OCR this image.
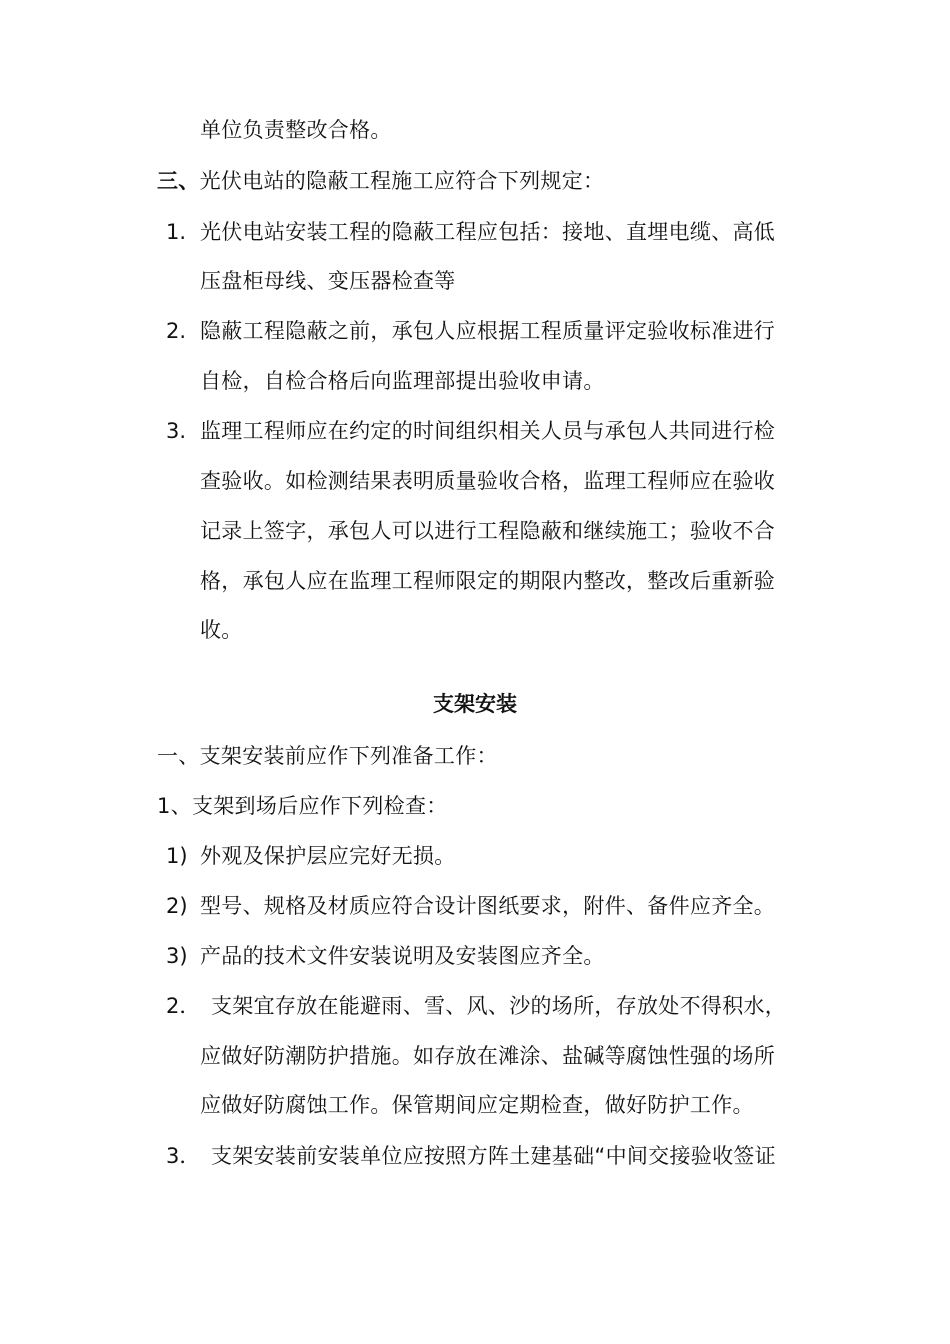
单位负责整改合格。
三、光伏电站的隐蔽工程施工应符合下列规定：
1. 光伏电站安装工程的隐蔽工程应包括：接地、直埋电缆、高低
压盘柜母线、变压器检查等
2. 隐蔽工程隐蔽之前，承包人应根据工程质量评定验收标准进行
自检，自检合格后向监理部提出验收申请。
3. 监理工程师应在约定的时间组织相关人员与承包人共同进行检
查验收。如检测结果表明质量验收合格，监理工程师应在验收
记录上签字，承包人可以进行工程隐蔽和继续施工；验收不合
格，承包人应在监理工程师限定的期限内整改，整改后重新验
收。
支架安装
一、支架安装前应作下列准备工作：
1、支架到场后应作下列检查：
1) 外观及保护层应完好无损。
2) 型号、规格及材质应符合设计图纸要求，附件、备件应齐全。
3) 产品的技术文件安装说明及安装图应齐全。
2． 支架宜存放在能避雨、雪、风、沙的场所，存放处不得积水，
应做好防潮防护措施。如存放在滩涂、盐碱等腐蚀性强的场所
应做好防腐蚀工作。保管期间应定期检查，做好防护工作。
3． 支架安装前安装单位应按照方阵土建基础“中间交接验收签证
